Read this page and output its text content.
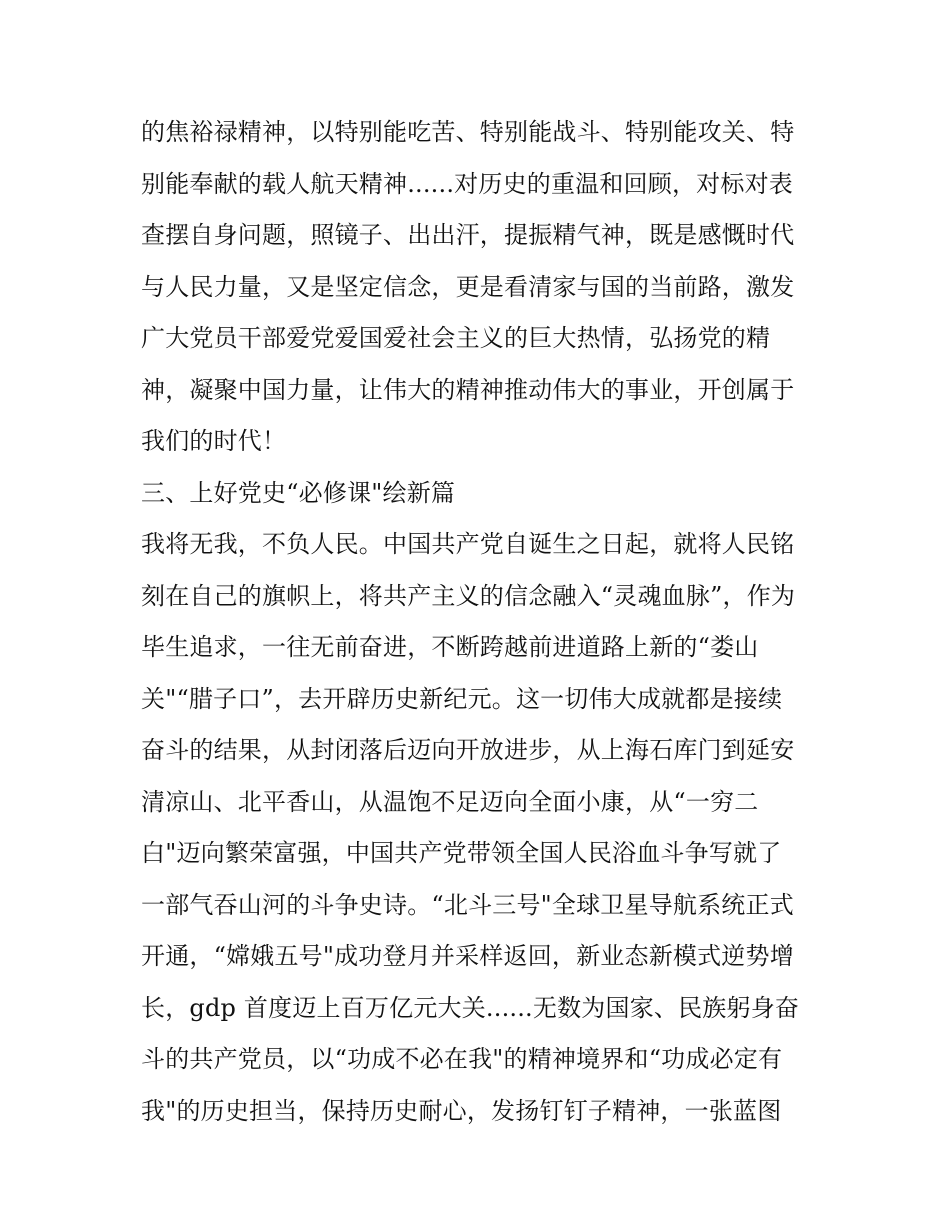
的焦裕禄精神，以特别能吃苦、特别能战斗、特别能攻关、特
别能奉献的载人航天精神......对历史的重温和回顾，对标对表
查摆自身问题，照镜子、出出汗，提振精气神，既是感慨时代
与人民力量，又是坚定信念，更是看清家与国的当前路，激发
广大党员干部爱党爱国爱社会主义的巨大热情，弘扬党的精
神，凝聚中国力量，让伟大的精神推动伟大的事业，开创属于
我们的时代！
三、上好党史“必修课"绘新篇
我将无我，不负人民。中国共产党自诞生之日起，就将人民铭
刻在自己的旗帜上，将共产主义的信念融入“灵魂血脉”，作为
毕生追求，一往无前奋进，不断跨越前进道路上新的“娄山
关"“腊子口”，去开辟历史新纪元。这一切伟大成就都是接续
奋斗的结果，从封闭落后迈向开放进步，从上海石库门到延安
清凉山、北平香山，从温饱不足迈向全面小康，从“一穷二
白"迈向繁荣富强，中国共产党带领全国人民浴血斗争写就了
一部气吞山河的斗争史诗。“北斗三号"全球卫星导航系统正式
开通，“嫦娥五号"成功登月并采样返回，新业态新模式逆势增
长，gdp 首度迈上百万亿元大关......无数为国家、民族躬身奋
斗的共产党员，以“功成不必在我"的精神境界和“功成必定有
我"的历史担当，保持历史耐心，发扬钉钉子精神，一张蓝图
